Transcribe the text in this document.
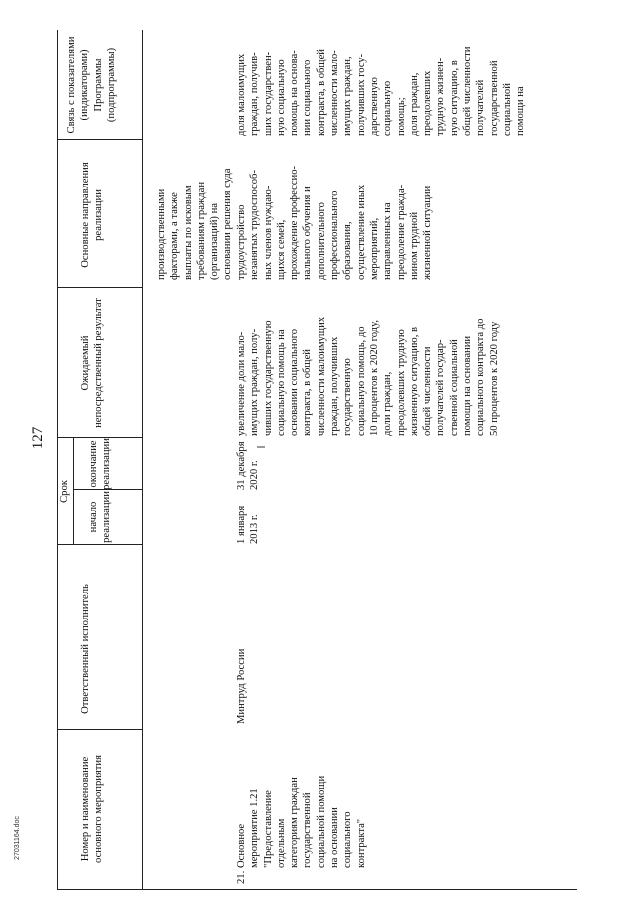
127
27031164.doc	Номер и наименование основного мероприятия
Ответственный исполнитель
Срок
начало реализации
окончание реализации
Ожидаемый непосредственный результат
Основные направления реализации
Связь с показателями (индикаторами) Программы (подпрограммы)
производственными
факторами, а также
выплаты по исковым
требованиям граждан
(организаций) на
основании решения суда
21.
Основное
мероприятие 1.21
"Предоставление
отдельным
категориям граждан
государственной
социальной помощи
на основании
социального
контракта"
Минтруд России
1 января
2013 г.
31 декабря
2020 г.
увеличение доли мало-
имущих граждан, полу-
чивших государственную
социальную помощь на
основании социального
контракта, в общей
численности малоимущих
граждан, получивших
государственную
социальную помощь, до
10 процентов к 2020 году,
доли граждан,
преодолевших трудную
жизненную ситуацию, в
общей численности
получателей государ-
ственной социальной
помощи на основании
социального контракта до
50 процентов к 2020 году
трудоустройство
незанятых трудоспособ-
ных членов нуждаю-
щихся семей,
прохождение профессио-
нального обучения и
дополнительного
профессионального
образования,
осуществление иных
мероприятий,
направленных на
преодоление гражда-
нином трудной
жизненной ситуации
доля малоимущих
граждан, получив-
ших государствен-
ную социальную
помощь на основа-
нии социального
контракта, в общей
численности мало-
имущих граждан,
получивших госу-
дарственную
социальную
помощь;
доля граждан,
преодолевших
трудную жизнен-
ную ситуацию, в
общей численности
получателей
государственной
социальной
помощи на
